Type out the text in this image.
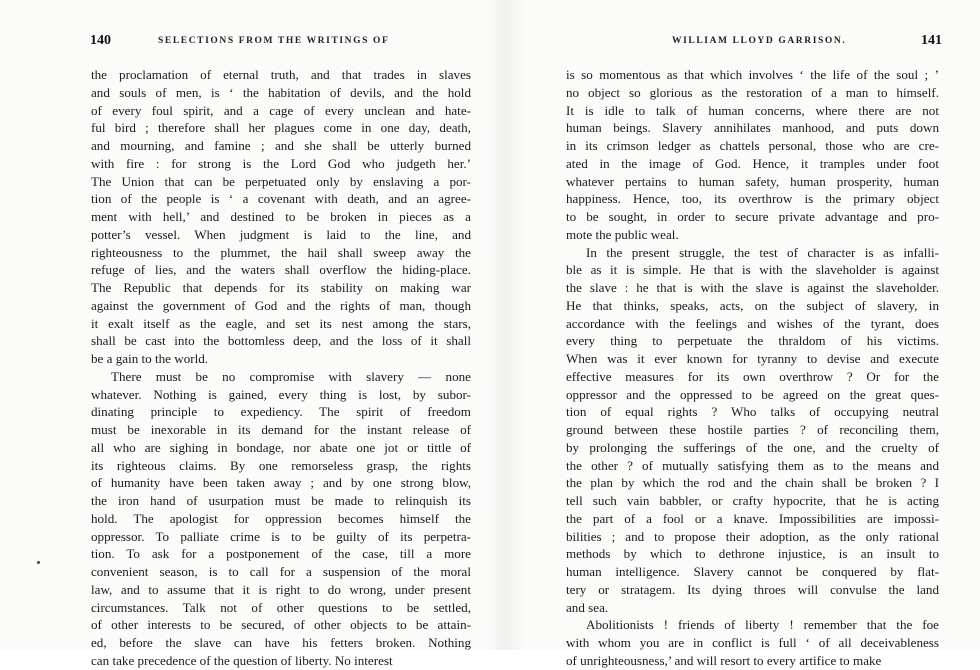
140	SELECTIONS FROM THE WRITINGS OF
the proclamation of eternal truth, and that trades in slaves
and souls of men, is ‘ the habitation of devils, and the hold
of every foul spirit, and a cage of every unclean and hate-
ful bird ; therefore shall her plagues come in one day, death,
and mourning, and famine ; and she shall be utterly burned
with fire : for strong is the Lord God who judgeth her.’
The Union that can be perpetuated only by enslaving a por-
tion of the people is ‘ a covenant with death, and an agree-
ment with hell,’ and destined to be broken in pieces as a
potter’s vessel. When judgment is laid to the line, and
righteousness to the plummet, the hail shall sweep away the
refuge of lies, and the waters shall overflow the hiding-place.
The Republic that depends for its stability on making war
against the government of God and the rights of man, though
it exalt itself as the eagle, and set its nest among the stars,
shall be cast into the bottomless deep, and the loss of it shall
be a gain to the world.
There must be no compromise with slavery — none
whatever. Nothing is gained, every thing is lost, by subor-
dinating principle to expediency. The spirit of freedom
must be inexorable in its demand for the instant release of
all who are sighing in bondage, nor abate one jot or tittle of
its righteous claims. By one remorseless grasp, the rights
of humanity have been taken away ; and by one strong blow,
the iron hand of usurpation must be made to relinquish its
hold. The apologist for oppression becomes himself the
oppressor. To palliate crime is to be guilty of its perpetra-
tion. To ask for a postponement of the case, till a more
convenient season, is to call for a suspension of the moral
law, and to assume that it is right to do wrong, under present
circumstances. Talk not of other questions to be settled,
of other interests to be secured, of other objects to be attain-
ed, before the slave can have his fetters broken. Nothing
can take precedence of the question of liberty. No interest
WILLIAM LLOYD GARRISON.	141
is so momentous as that which involves ‘ the life of the soul ; ’
no object so glorious as the restoration of a man to himself.
It is idle to talk of human concerns, where there are not
human beings. Slavery annihilates manhood, and puts down
in its crimson ledger as chattels personal, those who are cre-
ated in the image of God. Hence, it tramples under foot
whatever pertains to human safety, human prosperity, human
happiness. Hence, too, its overthrow is the primary object
to be sought, in order to secure private advantage and pro-
mote the public weal.
In the present struggle, the test of character is as infalli-
ble as it is simple. He that is with the slaveholder is against
the slave : he that is with the slave is against the slaveholder.
He that thinks, speaks, acts, on the subject of slavery, in
accordance with the feelings and wishes of the tyrant, does
every thing to perpetuate the thraldom of his victims.
When was it ever known for tyranny to devise and execute
effective measures for its own overthrow ? Or for the
oppressor and the oppressed to be agreed on the great ques-
tion of equal rights ? Who talks of occupying neutral
ground between these hostile parties ? of reconciling them,
by prolonging the sufferings of the one, and the cruelty of
the other ? of mutually satisfying them as to the means and
the plan by which the rod and the chain shall be broken ? I
tell such vain babbler, or crafty hypocrite, that he is acting
the part of a fool or a knave. Impossibilities are impossi-
bilities ; and to propose their adoption, as the only rational
methods by which to dethrone injustice, is an insult to
human intelligence. Slavery cannot be conquered by flat-
tery or stratagem. Its dying throes will convulse the land
and sea.
Abolitionists ! friends of liberty ! remember that the foe
with whom you are in conflict is full ‘ of all deceivableness
of unrighteousness,’ and will resort to every artifice to make
